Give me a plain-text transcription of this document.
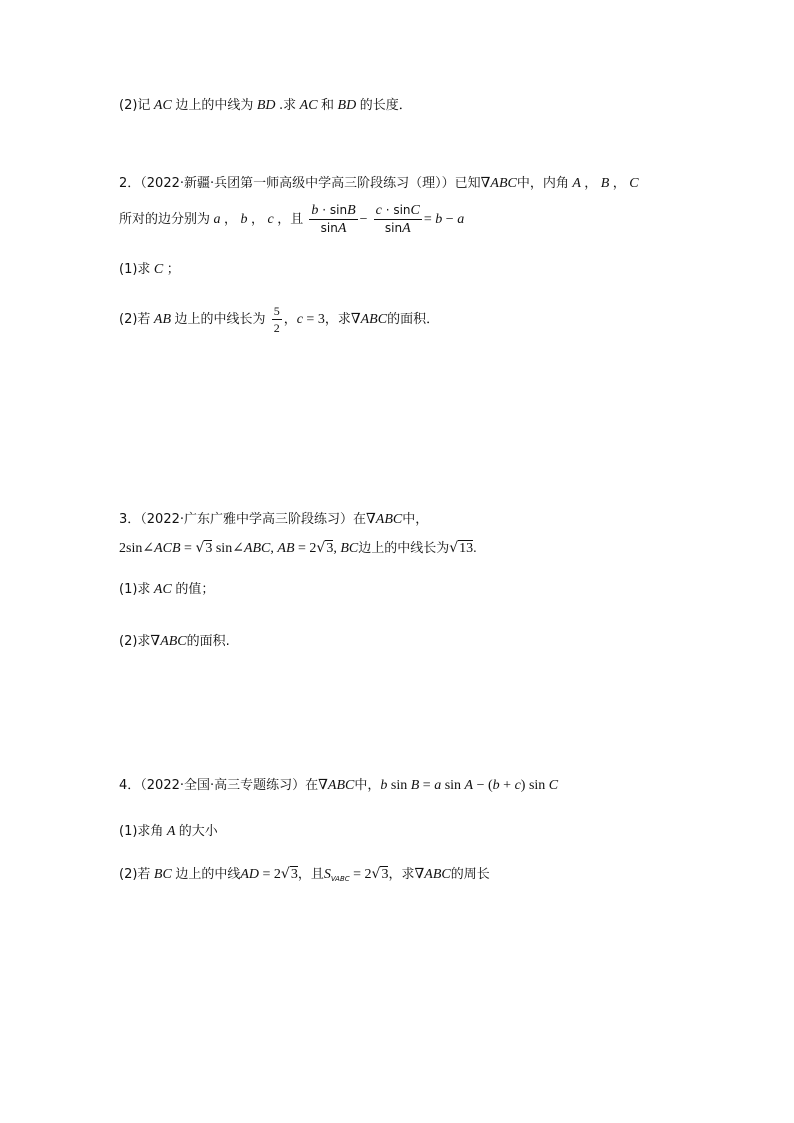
(2)记 AC 边上的中线为 BD .求 AC 和 BD 的长度．
2．（2022·新疆·兵团第一师高级中学高三阶段练习（理））已知∇ABC中，内角 A ， B ， C
所对的边分别为 a ， b ， c ，且 $\frac{b \cdot \sin B}{\sin A} - \frac{c \cdot \sin C}{\sin A} = b - a$
(1)求 C ；
(2)若 AB 边上的中线长为 $\frac{5}{2}$ ，c = 3，求∇ABC的面积．
3．（2022·广东广雅中学高三阶段练习）在∇ABC中，
2sin∠ACB = √3 sin∠ABC, AB = 2√3, BC边上的中线长为√13.
(1)求 AC 的值；
(2)求∇ABC的面积.
4．（2022·全国·高三专题练习）在∇ABC中，b sin B = a sin A − (b + c) sin C
(1)求角 A 的大小
(2)若 BC 边上的中线AD = 2√3，且$S_{VABC} = 2√3$，求∇ABC的周长
